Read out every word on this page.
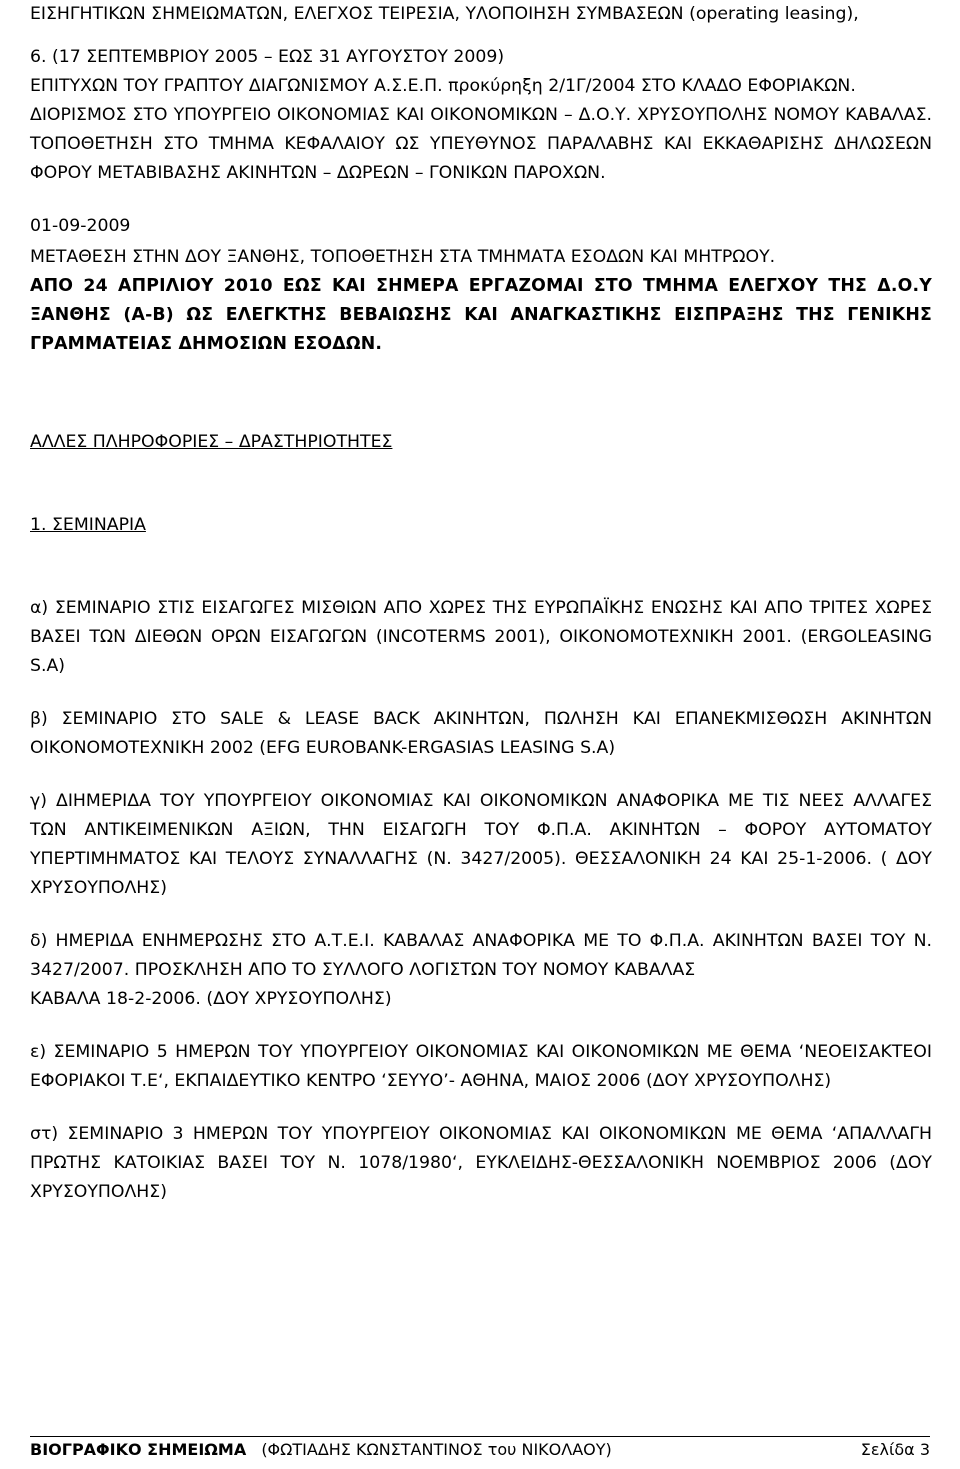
ΕΙΣΗΓΗΤΙΚΩΝ ΣΗΜΕΙΩΜΑΤΩΝ, ΕΛΕΓΧΟΣ ΤΕΙΡΕΣΙΑ, ΥΛΟΠΟΙΗΣΗ ΣΥΜΒΑΣΕΩΝ (operating leasing),

6. (17 ΣΕΠΤΕΜΒΡΙΟΥ 2005 – ΕΩΣ 31 ΑΥΓΟΥΣΤΟΥ 2009)

ΕΠΙΤΥΧΩΝ ΤΟΥ ΓΡΑΠΤΟΥ ΔΙΑΓΩΝΙΣΜΟΥ Α.Σ.Ε.Π. προκύρηξη 2/1Γ/2004 ΣΤΟ ΚΛΑΔΟ ΕΦΟΡΙΑΚΩΝ.

ΔΙΟΡΙΣΜΟΣ ΣΤΟ ΥΠΟΥΡΓΕΙΟ ΟΙΚΟΝΟΜΙΑΣ ΚΑΙ ΟΙΚΟΝΟΜΙΚΩΝ – Δ.Ο.Υ. ΧΡΥΣΟΥΠΟΛΗΣ ΝΟΜΟΥ ΚΑΒΑΛΑΣ. ΤΟΠΟΘΕΤΗΣΗ ΣΤΟ ΤΜΗΜΑ ΚΕΦΑΛΑΙΟΥ ΩΣ ΥΠΕΥΘΥΝΟΣ ΠΑΡΑΛΑΒΗΣ ΚΑΙ ΕΚΚΑΘΑΡΙΣΗΣ ΔΗΛΩΣΕΩΝ ΦΟΡΟΥ ΜΕΤΑΒΙΒΑΣΗΣ ΑΚΙΝΗΤΩΝ – ΔΩΡΕΩΝ – ΓΟΝΙΚΩΝ ΠΑΡΟΧΩΝ.

01-09-2009

ΜΕΤΑΘΕΣΗ ΣΤΗΝ ΔΟΥ ΞΑΝΘΗΣ, ΤΟΠΟΘΕΤΗΣΗ ΣΤΑ ΤΜΗΜΑΤΑ ΕΣΟΔΩΝ ΚΑΙ ΜΗΤΡΩΟΥ.

ΑΠΟ 24 ΑΠΡΙΛΙΟΥ 2010 ΕΩΣ ΚΑΙ ΣΗΜΕΡΑ ΕΡΓΑΖΟΜΑΙ ΣΤΟ ΤΜΗΜΑ ΕΛΕΓΧΟΥ ΤΗΣ Δ.Ο.Υ ΞΑΝΘΗΣ (Α-Β) ΩΣ ΕΛΕΓΚΤΗΣ ΒΕΒΑΙΩΣΗΣ ΚΑΙ ΑΝΑΓΚΑΣΤΙΚΗΣ ΕΙΣΠΡΑΞΗΣ ΤΗΣ ΓΕΝΙΚΗΣ ΓΡΑΜΜΑΤΕΙΑΣ ΔΗΜΟΣΙΩΝ ΕΣΟΔΩΝ.

ΑΛΛΕΣ ΠΛΗΡΟΦΟΡΙΕΣ – ΔΡΑΣΤΗΡΙΟΤΗΤΕΣ

1. ΣΕΜΙΝΑΡΙΑ

α) ΣΕΜΙΝΑΡΙΟ ΣΤΙΣ ΕΙΣΑΓΩΓΕΣ ΜΙΣΘΙΩΝ ΑΠΟ ΧΩΡΕΣ ΤΗΣ ΕΥΡΩΠΑΪΚΗΣ ΕΝΩΣΗΣ ΚΑΙ ΑΠΟ ΤΡΙΤΕΣ ΧΩΡΕΣ ΒΑΣΕΙ ΤΩΝ ΔΙΕΘΩΝ ΟΡΩΝ ΕΙΣΑΓΩΓΩΝ (INCOTERMS 2001), ΟΙΚΟΝΟΜΟΤΕΧΝΙΚΗ 2001. (ERGOLEASING S.A)

β) ΣΕΜΙΝΑΡΙΟ ΣΤΟ SALE & LEASE BACK ΑΚΙΝΗΤΩΝ, ΠΩΛΗΣΗ ΚΑΙ ΕΠΑΝΕΚΜΙΣΘΩΣΗ ΑΚΙΝΗΤΩΝ ΟΙΚΟΝΟΜΟΤΕΧΝΙΚΗ 2002 (EFG EUROBANK-ERGASIAS LEASING S.A)

γ) ΔΙΗΜΕΡΙΔΑ ΤΟΥ ΥΠΟΥΡΓΕΙΟΥ ΟΙΚΟΝΟΜΙΑΣ ΚΑΙ ΟΙΚΟΝΟΜΙΚΩΝ ΑΝΑΦΟΡΙΚΑ ΜΕ ΤΙΣ ΝΕΕΣ ΑΛΛΑΓΕΣ ΤΩΝ ΑΝΤΙΚΕΙΜΕΝΙΚΩΝ ΑΞΙΩΝ, ΤΗΝ ΕΙΣΑΓΩΓΗ ΤΟΥ Φ.Π.Α. ΑΚΙΝΗΤΩΝ – ΦΟΡΟΥ ΑΥΤΟΜΑΤΟΥ ΥΠΕΡΤΙΜΗΜΑΤΟΣ ΚΑΙ ΤΕΛΟΥΣ ΣΥΝΑΛΛΑΓΗΣ (Ν. 3427/2005). ΘΕΣΣΑΛΟΝΙΚΗ 24 ΚΑΙ 25-1-2006. ( ΔΟΥ ΧΡΥΣΟΥΠΟΛΗΣ)

δ) ΗΜΕΡΙΔΑ ΕΝΗΜΕΡΩΣΗΣ ΣΤΟ Α.Τ.Ε.Ι. ΚΑΒΑΛΑΣ ΑΝΑΦΟΡΙΚΑ ΜΕ ΤΟ Φ.Π.Α. ΑΚΙΝΗΤΩΝ ΒΑΣΕΙ ΤΟΥ Ν. 3427/2007. ΠΡΟΣΚΛΗΣΗ ΑΠΟ ΤΟ ΣΥΛΛΟΓΟ ΛΟΓΙΣΤΩΝ ΤΟΥ ΝΟΜΟΥ ΚΑΒΑΛΑΣ

ΚΑΒΑΛΑ 18-2-2006. (ΔΟΥ ΧΡΥΣΟΥΠΟΛΗΣ)

ε) ΣΕΜΙΝΑΡΙΟ 5 ΗΜΕΡΩΝ ΤΟΥ ΥΠΟΥΡΓΕΙΟΥ ΟΙΚΟΝΟΜΙΑΣ ΚΑΙ ΟΙΚΟΝΟΜΙΚΩΝ ΜΕ ΘΕΜΑ ‘ΝΕΟΕΙΣΑΚΤΕΟΙ ΕΦΟΡΙΑΚΟΙ Τ.Ε‘, ΕΚΠΑΙΔΕΥΤΙΚΟ ΚΕΝΤΡΟ ‘ΣΕΥΥΟ’- ΑΘΗΝΑ, ΜΑΙΟΣ 2006 (ΔΟΥ ΧΡΥΣΟΥΠΟΛΗΣ)

στ) ΣΕΜΙΝΑΡΙΟ 3 ΗΜΕΡΩΝ ΤΟΥ ΥΠΟΥΡΓΕΙΟΥ ΟΙΚΟΝΟΜΙΑΣ ΚΑΙ ΟΙΚΟΝΟΜΙΚΩΝ ΜΕ ΘΕΜΑ ‘ΑΠΑΛΛΑΓΗ ΠΡΩΤΗΣ ΚΑΤΟΙΚΙΑΣ ΒΑΣΕΙ ΤΟΥ Ν. 1078/1980‘, ΕΥΚΛΕΙΔΗΣ-ΘΕΣΣΑΛΟΝΙΚΗ ΝΟΕΜΒΡΙΟΣ 2006 (ΔΟΥ ΧΡΥΣΟΥΠΟΛΗΣ)

ΒΙΟΓΡΑΦΙΚΟ ΣΗΜΕΙΩΜΑ (ΦΩΤΙΑΔΗΣ ΚΩΝΣΤΑΝΤΙΝΟΣ του ΝΙΚΟΛΑΟΥ)	Σελίδα 3
